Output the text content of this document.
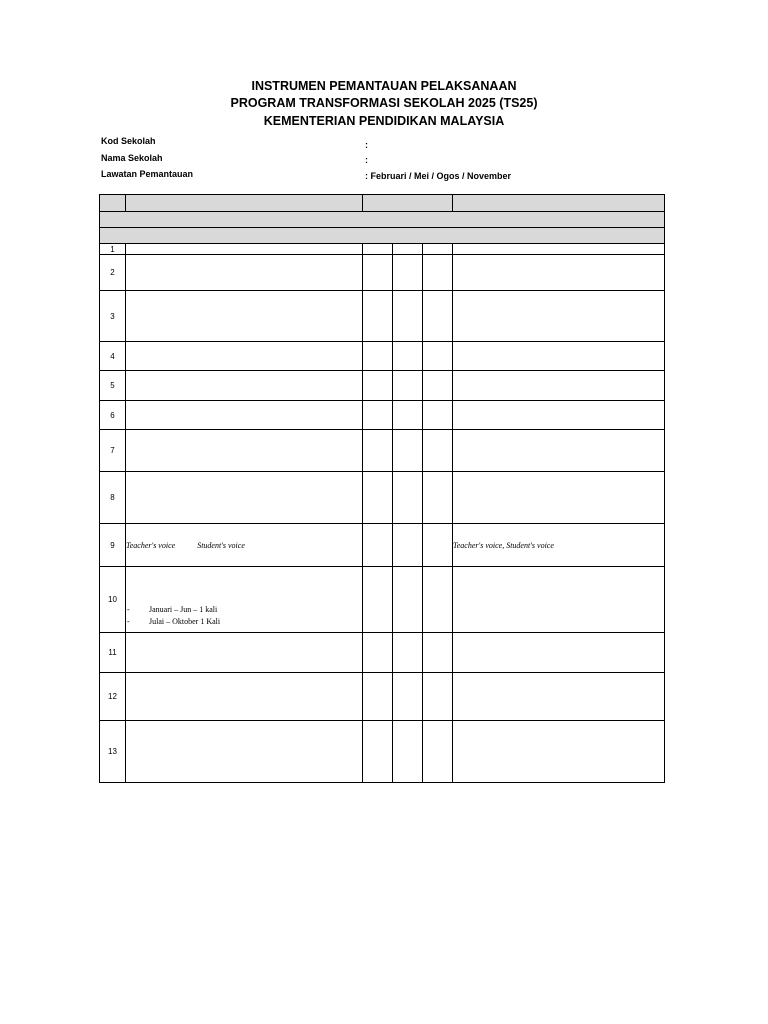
INSTRUMEN PEMANTAUAN PELAKSANAAN
PROGRAM TRANSFORMASI SEKOLAH 2025 (TS25)
KEMENTERIAN PENDIDIKAN MALAYSIA
Kod Sekolah	:
Nama Sekolah	:
Lawatan Pemantauan	: Februari / Mei / Ogos / November

1					
2					
3					
4					
5					
6					
7					
8					
9	Teacher's voice Student's voice				Teacher's voice, Student's voice
10	- Januari – Jun – 1 kali
- Julai – Oktober 1 Kali				

11					
12					
13					
